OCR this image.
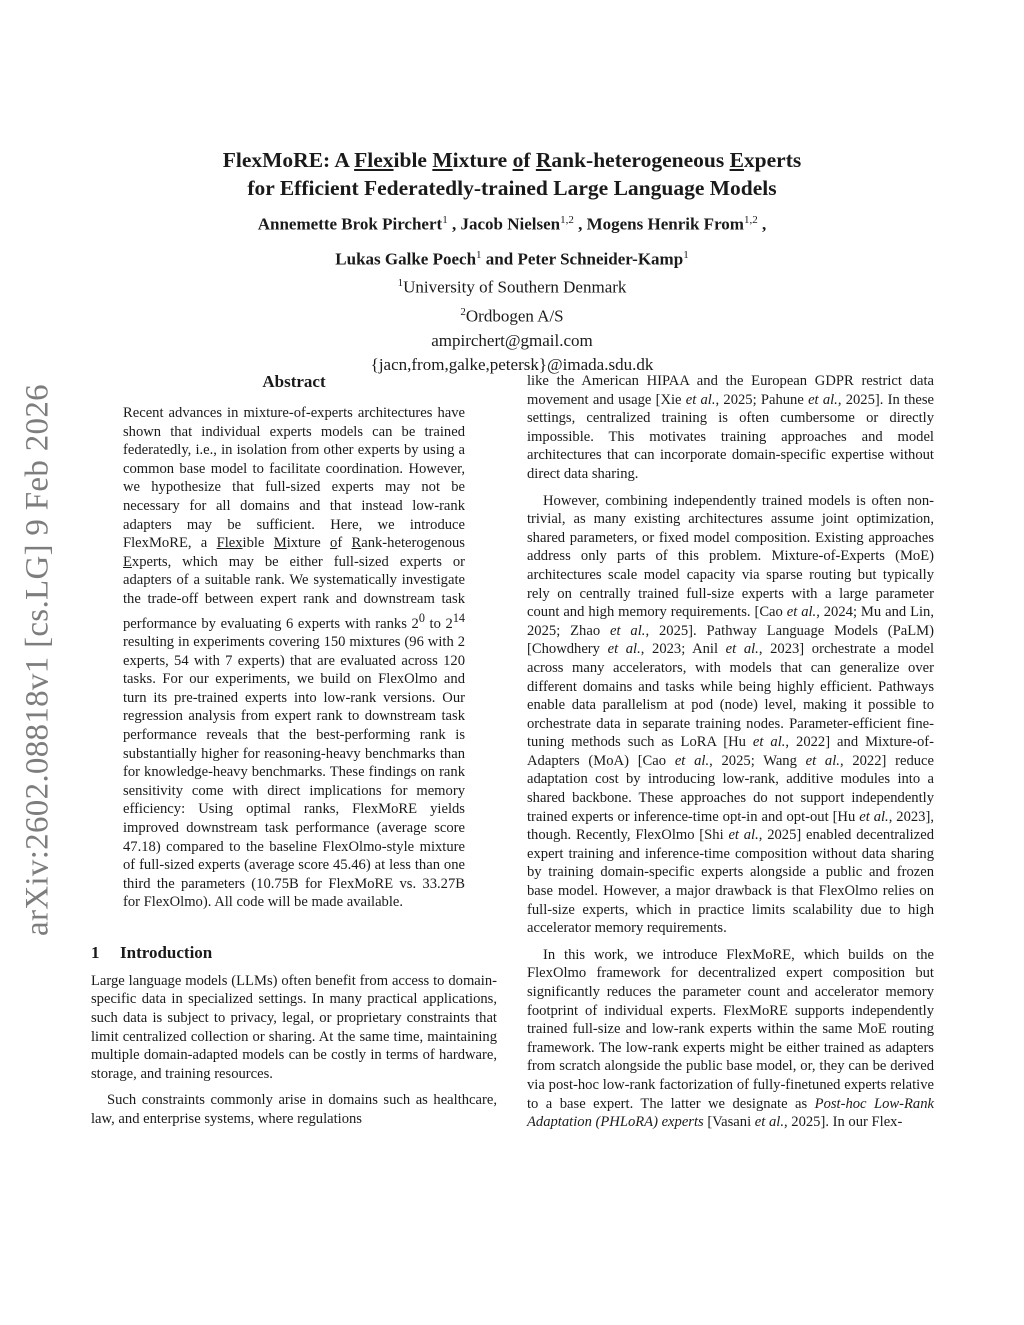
arXiv:2602.08818v1 [cs.LG] 9 Feb 2026

FlexMoRE: A Flexible Mixture of Rank-heterogeneous Experts

for Efficient Federatedly-trained Large Language Models

Annemette Brok Pirchert$^1$ , Jacob Nielsen$^{1,2}$ , Mogens Henrik From$^{1,2}$ ,
Lukas Galke Poech$^1$ and Peter Schneider-Kamp$^1$
$^1$University of Southern Denmark
$^2$Ordbogen A/S
ampirchert@gmail.com
{jacn,from,galke,petersk}@imada.sdu.dk

Abstract

Recent advances in mixture-of-experts architectures have shown that individual experts models can be trained federatedly, i.e., in isolation from other experts by using a common base model to facilitate coordination. However, we hypothesize that full-sized experts may not be necessary for all domains and that instead low-rank adapters may be sufficient. Here, we introduce FlexMoRE, a Flexible Mixture of Rank-heterogenous Experts, which may be either full-sized experts or adapters of a suitable rank. We systematically investigate the trade-off between expert rank and downstream task performance by evaluating 6 experts with ranks $2^0$ to $2^{14}$ resulting in experiments covering 150 mixtures (96 with 2 experts, 54 with 7 experts) that are evaluated across 120 tasks. For our experiments, we build on FlexOlmo and turn its pre-trained experts into low-rank versions. Our regression analysis from expert rank to downstream task performance reveals that the best-performing rank is substantially higher for reasoning-heavy benchmarks than for knowledge-heavy benchmarks. These findings on rank sensitivity come with direct implications for memory efficiency: Using optimal ranks, FlexMoRE yields improved downstream task performance (average score 47.18) compared to the baseline FlexOlmo-style mixture of full-sized experts (average score 45.46) at less than one third the parameters (10.75B for FlexMoRE vs. 33.27B for FlexOlmo). All code will be made available.

1 Introduction

Large language models (LLMs) often benefit from access to domain-specific data in specialized settings. In many practical applications, such data is subject to privacy, legal, or proprietary constraints that limit centralized collection or sharing. At the same time, maintaining multiple domain-adapted models can be costly in terms of hardware, storage, and training resources.

Such constraints commonly arise in domains such as healthcare, law, and enterprise systems, where regulations

like the American HIPAA and the European GDPR restrict data movement and usage [Xie et al., 2025; Pahune et al., 2025]. In these settings, centralized training is often cumbersome or directly impossible. This motivates training approaches and model architectures that can incorporate domain-specific expertise without direct data sharing.

However, combining independently trained models is often non-trivial, as many existing architectures assume joint optimization, shared parameters, or fixed model composition. Existing approaches address only parts of this problem. Mixture-of-Experts (MoE) architectures scale model capacity via sparse routing but typically rely on centrally trained full-size experts with a large parameter count and high memory requirements. [Cao et al., 2024; Mu and Lin, 2025; Zhao et al., 2025]. Pathway Language Models (PaLM) [Chowdhery et al., 2023; Anil et al., 2023] orchestrate a model across many accelerators, with models that can generalize over different domains and tasks while being highly efficient. Pathways enable data parallelism at pod (node) level, making it possible to orchestrate data in separate training nodes. Parameter-efficient fine-tuning methods such as LoRA [Hu et al., 2022] and Mixture-of-Adapters (MoA) [Cao et al., 2025; Wang et al., 2022] reduce adaptation cost by introducing low-rank, additive modules into a shared backbone. These approaches do not support independently trained experts or inference-time opt-in and opt-out [Hu et al., 2023], though. Recently, FlexOlmo [Shi et al., 2025] enabled decentralized expert training and inference-time composition without data sharing by training domain-specific experts alongside a public and frozen base model. However, a major drawback is that FlexOlmo relies on full-size experts, which in practice limits scalability due to high accelerator memory requirements.

In this work, we introduce FlexMoRE, which builds on the FlexOlmo framework for decentralized expert composition but significantly reduces the parameter count and accelerator memory footprint of individual experts. FlexMoRE supports independently trained full-size and low-rank experts within the same MoE routing framework. The low-rank experts might be either trained as adapters from scratch alongside the public base model, or, they can be derived via post-hoc low-rank factorization of fully-finetuned experts relative to a base expert. The latter we designate as Post-hoc Low-Rank Adaptation (PHLoRA) experts [Vasani et al., 2025]. In our Flex-
